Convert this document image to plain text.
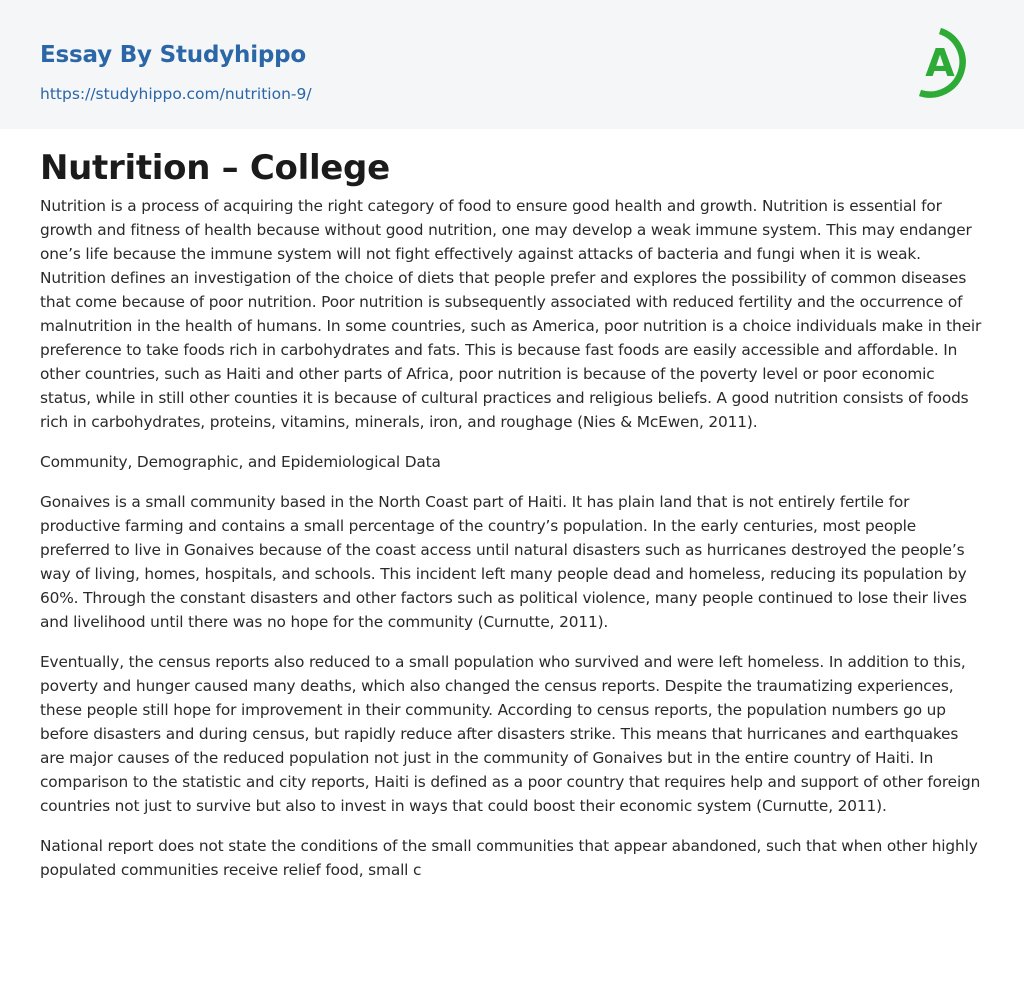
Essay By Studyhippo
https://studyhippo.com/nutrition-9/
A
Nutrition – College

Nutrition is a process of acquiring the right category of food to ensure good health and growth. Nutrition is essential for growth and fitness of health because without good nutrition, one may develop a weak immune system. This may endanger one’s life because the immune system will not fight effectively against attacks of bacteria and fungi when it is weak. Nutrition defines an investigation of the choice of diets that people prefer and explores the possibility of common diseases that come because of poor nutrition. Poor nutrition is subsequently associated with reduced fertility and the occurrence of malnutrition in the health of humans. In some countries, such as America, poor nutrition is a choice individuals make in their preference to take foods rich in carbohydrates and fats. This is because fast foods are easily accessible and affordable. In other countries, such as Haiti and other parts of Africa, poor nutrition is because of the poverty level or poor economic status, while in still other counties it is because of cultural practices and religious beliefs. A good nutrition consists of foods rich in carbohydrates, proteins, vitamins, minerals, iron, and roughage (Nies & McEwen, 2011).

Community, Demographic, and Epidemiological Data

Gonaives is a small community based in the North Coast part of Haiti. It has plain land that is not entirely fertile for productive farming and contains a small percentage of the country’s population. In the early centuries, most people preferred to live in Gonaives because of the coast access until natural disasters such as hurricanes destroyed the people’s way of living, homes, hospitals, and schools. This incident left many people dead and homeless, reducing its population by 60%. Through the constant disasters and other factors such as political violence, many people continued to lose their lives and livelihood until there was no hope for the community (Curnutte, 2011).

Eventually, the census reports also reduced to a small population who survived and were left homeless. In addition to this, poverty and hunger caused many deaths, which also changed the census reports. Despite the traumatizing experiences, these people still hope for improvement in their community. According to census reports, the population numbers go up before disasters and during census, but rapidly reduce after disasters strike. This means that hurricanes and earthquakes are major causes of the reduced population not just in the community of Gonaives but in the entire country of Haiti. In comparison to the statistic and city reports, Haiti is defined as a poor country that requires help and support of other foreign countries not just to survive but also to invest in ways that could boost their economic system (Curnutte, 2011).

National report does not state the conditions of the small communities that appear abandoned, such that when other highly populated communities receive relief food, small c
